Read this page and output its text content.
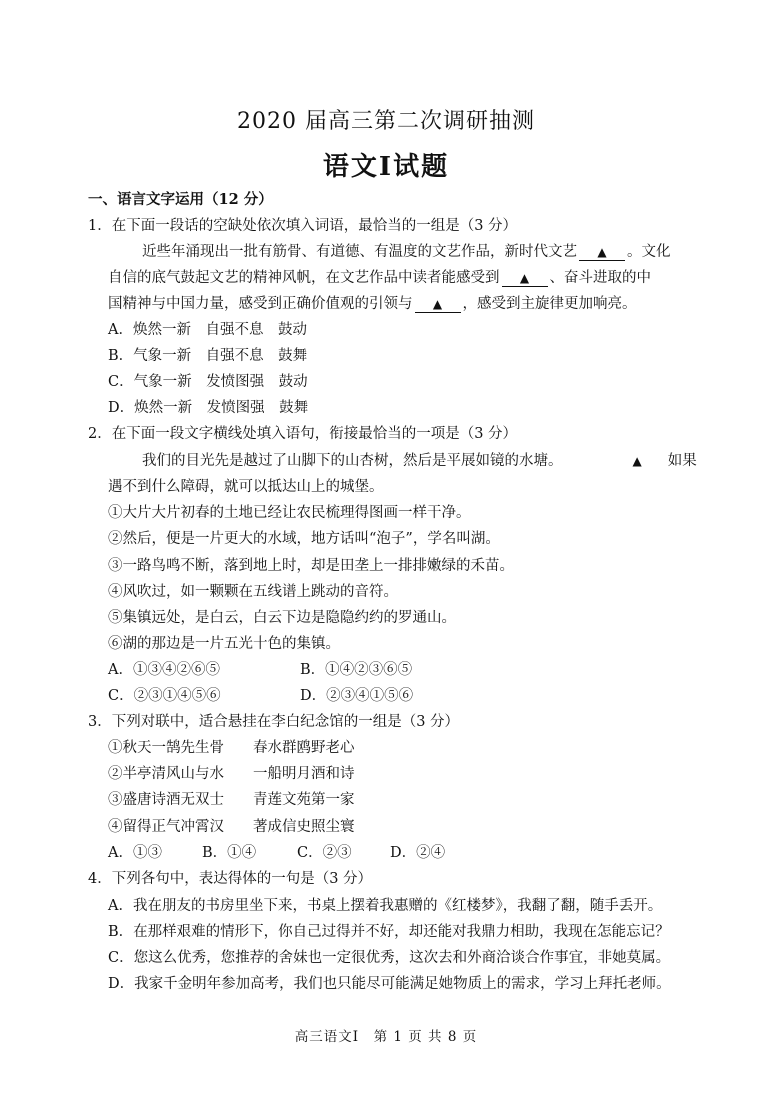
2020 届高三第二次调研抽测
语文Ⅰ试题
一、语言文字运用（12 分）
1．在下面一段话的空缺处依次填入词语，最恰当的一组是（3 分）
近些年涌现出一批有筋骨、有道德、有温度的文艺作品，新时代文艺 ▲ 。文化
自信的底气鼓起文艺的精神风帆，在文艺作品中读者能感受到 ▲ 、奋斗进取的中
国精神与中国力量，感受到正确价值观的引领与 ▲ ，感受到主旋律更加响亮。
A．焕然一新　自强不息　鼓动
B．气象一新　自强不息　鼓舞
C．气象一新　发愤图强　鼓动
D．焕然一新　发愤图强　鼓舞
2．在下面一段文字横线处填入语句，衔接最恰当的一项是（3 分）
我们的目光先是越过了山脚下的山杏树，然后是平展如镜的水塘。	▲ 如果
遇不到什么障碍，就可以抵达山上的城堡。
①大片大片初春的土地已经让农民梳理得图画一样干净。
②然后，便是一片更大的水域，地方话叫“泡子”，学名叫湖。
③一路鸟鸣不断，落到地上时，却是田垄上一排排嫩绿的禾苗。
④风吹过，如一颗颗在五线谱上跳动的音符。
⑤集镇远处，是白云，白云下边是隐隐约约的罗通山。
⑥湖的那边是一片五光十色的集镇。
A．①③④②⑥⑤	B．①④②③⑥⑤
C．②③①④⑤⑥	D．②③④①⑤⑥
3．下列对联中，适合悬挂在李白纪念馆的一组是（3 分）
①秋天一鹄先生骨　　春水群鸥野老心
②半亭清风山与水　　一船明月酒和诗
③盛唐诗酒无双士　　青莲文苑第一家
④留得正气冲霄汉　　著成信史照尘寰
A．①③	B．①④	C．②③	D．②④
4．下列各句中，表达得体的一句是（3 分）
A．我在朋友的书房里坐下来，书桌上摆着我惠赠的《红楼梦》，我翻了翻，随手丢开。
B．在那样艰难的情形下，你自己过得并不好，却还能对我鼎力相助，我现在怎能忘记？
C．您这么优秀，您推荐的舍妹也一定很优秀，这次去和外商洽谈合作事宜，非她莫属。
D．我家千金明年参加高考，我们也只能尽可能满足她物质上的需求，学习上拜托老师。
高三语文Ⅰ　第 1 页 共 8 页
